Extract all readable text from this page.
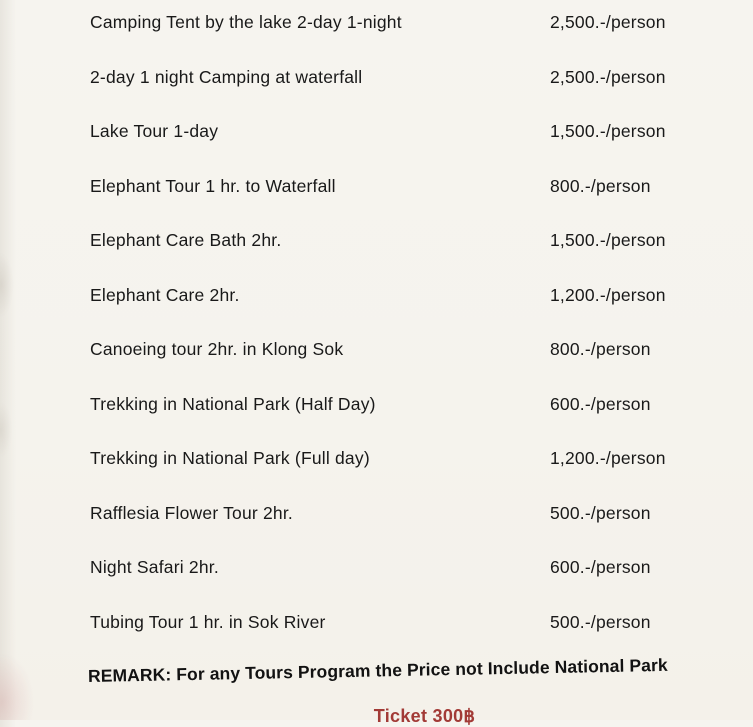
Camping Tent by the lake 2-day 1-night	2,500.-/person
2-day 1 night Camping at waterfall	2,500.-/person
Lake Tour 1-day	1,500.-/person
Elephant Tour 1 hr. to Waterfall	800.-/person
Elephant Care Bath 2hr.	1,500.-/person
Elephant Care 2hr.	1,200.-/person
Canoeing tour 2hr. in Klong Sok	800.-/person
Trekking in National Park (Half Day)	600.-/person
Trekking in National Park (Full day)	1,200.-/person
Rafflesia Flower Tour 2hr.	500.-/person
Night Safari 2hr.	600.-/person
Tubing Tour 1 hr. in Sok River	500.-/person
REMARK: For any Tours Program the Price not Include National Park
Ticket 300฿
